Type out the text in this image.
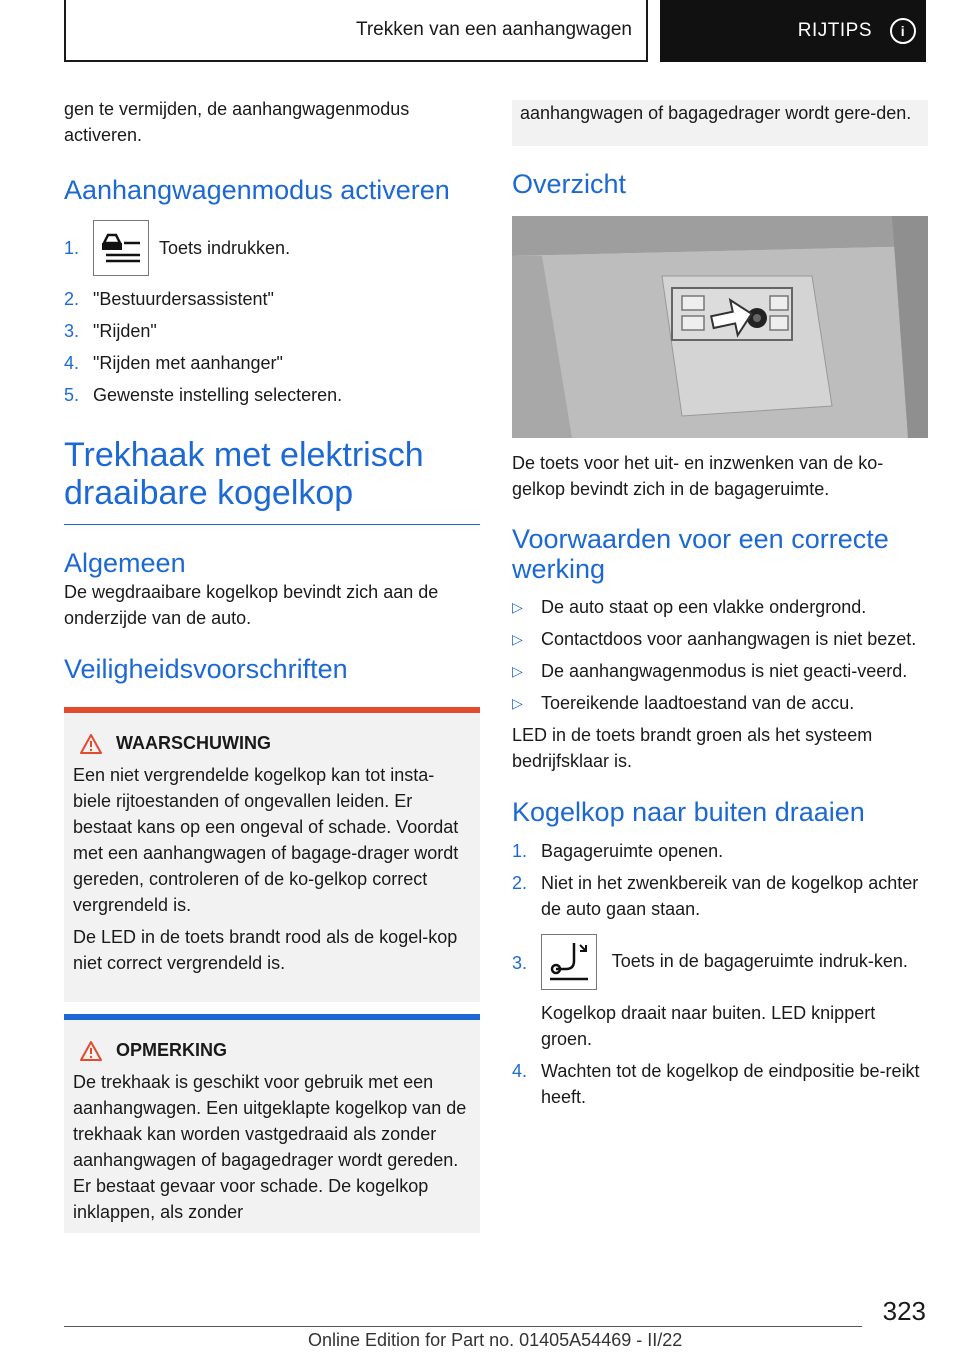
Trekken van een aanhangwagen	RIJTIPS	i

gen te vermijden, de aanhangwagenmodus activeren.

Aanhangwagenmodus activeren
1.	Toets indrukken.
2. "Bestuurdersassistent"
3. "Rijden"
4. "Rijden met aanhanger"
5. Gewenste instelling selecteren.
Trekhaak met elektrisch draaibare kogelkop
Algemeen

De wegdraaibare kogelkop bevindt zich aan de onderzijde van de auto.

Veiligheidsvoorschriften
WAARSCHUWING

Een niet vergrendelde kogelkop kan tot insta-biele rijtoestanden of ongevallen leiden. Er bestaat kans op een ongeval of schade. Voordat met een aanhangwagen of bagage-drager wordt gereden, controleren of de ko-gelkop correct vergrendeld is.

De LED in de toets brandt rood als de kogel-kop niet correct vergrendeld is.

OPMERKING

De trekhaak is geschikt voor gebruik met een aanhangwagen. Een uitgeklapte kogelkop van de trekhaak kan worden vastgedraaid als zonder aanhangwagen of bagagedrager wordt gereden. Er bestaat gevaar voor schade. De kogelkop inklappen, als zonder

aanhangwagen of bagagedrager wordt gere-den.

Overzicht

De toets voor het uit- en inzwenken van de ko-gelkop bevindt zich in de bagageruimte.

Voorwaarden voor een correcte werking
▷	De auto staat op een vlakke ondergrond.
▷	Contactdoos voor aanhangwagen is niet bezet.
▷	De aanhangwagenmodus is niet geacti-veerd.
▷	Toereikende laadtoestand van de accu.

LED in de toets brandt groen als het systeem bedrijfsklaar is.

Kogelkop naar buiten draaien
1. Bagageruimte openen.
2. Niet in het zwenkbereik van de kogelkop achter de auto gaan staan.
3.	Toets in de bagageruimte indruk-ken.

Kogelkop draait naar buiten. LED knippert groen.

4. Wachten tot de kogelkop de eindpositie be-reikt heeft.
323
Online Edition for Part no. 01405A54469 - II/22
